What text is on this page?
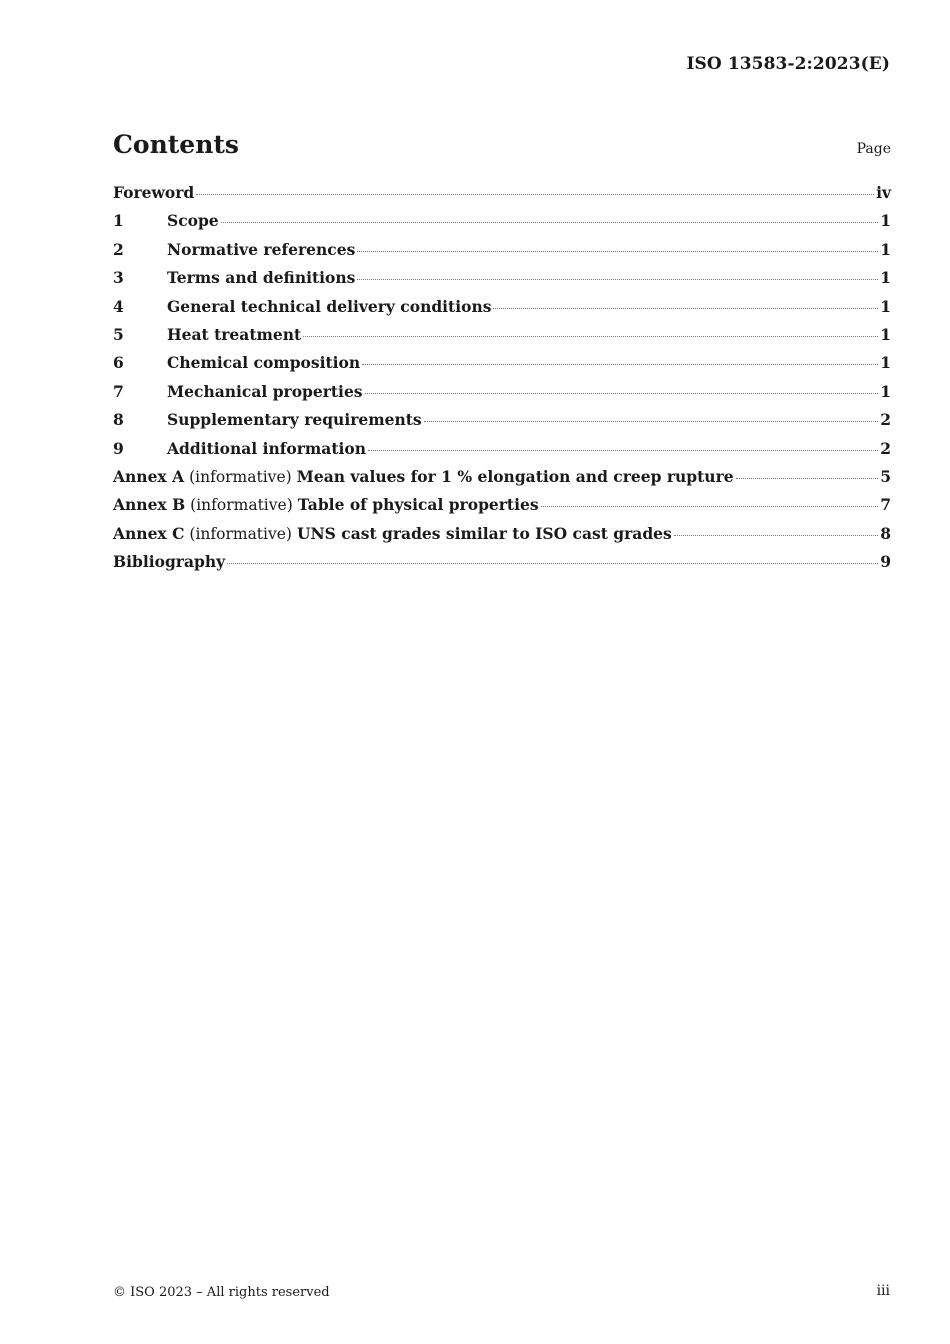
ISO 13583-2:2023(E)
Contents	Page
Foreword	iv
1	Scope	1
2	Normative references	1
3	Terms and definitions	1
4	General technical delivery conditions	1
5	Heat treatment	1
6	Chemical composition	1
7	Mechanical properties	1
8	Supplementary requirements	2
9	Additional information	2
Annex A (informative) Mean values for 1 % elongation and creep rupture	5
Annex B (informative) Table of physical properties	7
Annex C (informative) UNS cast grades similar to ISO cast grades	8
Bibliography	9
© ISO 2023 – All rights reserved	iii
